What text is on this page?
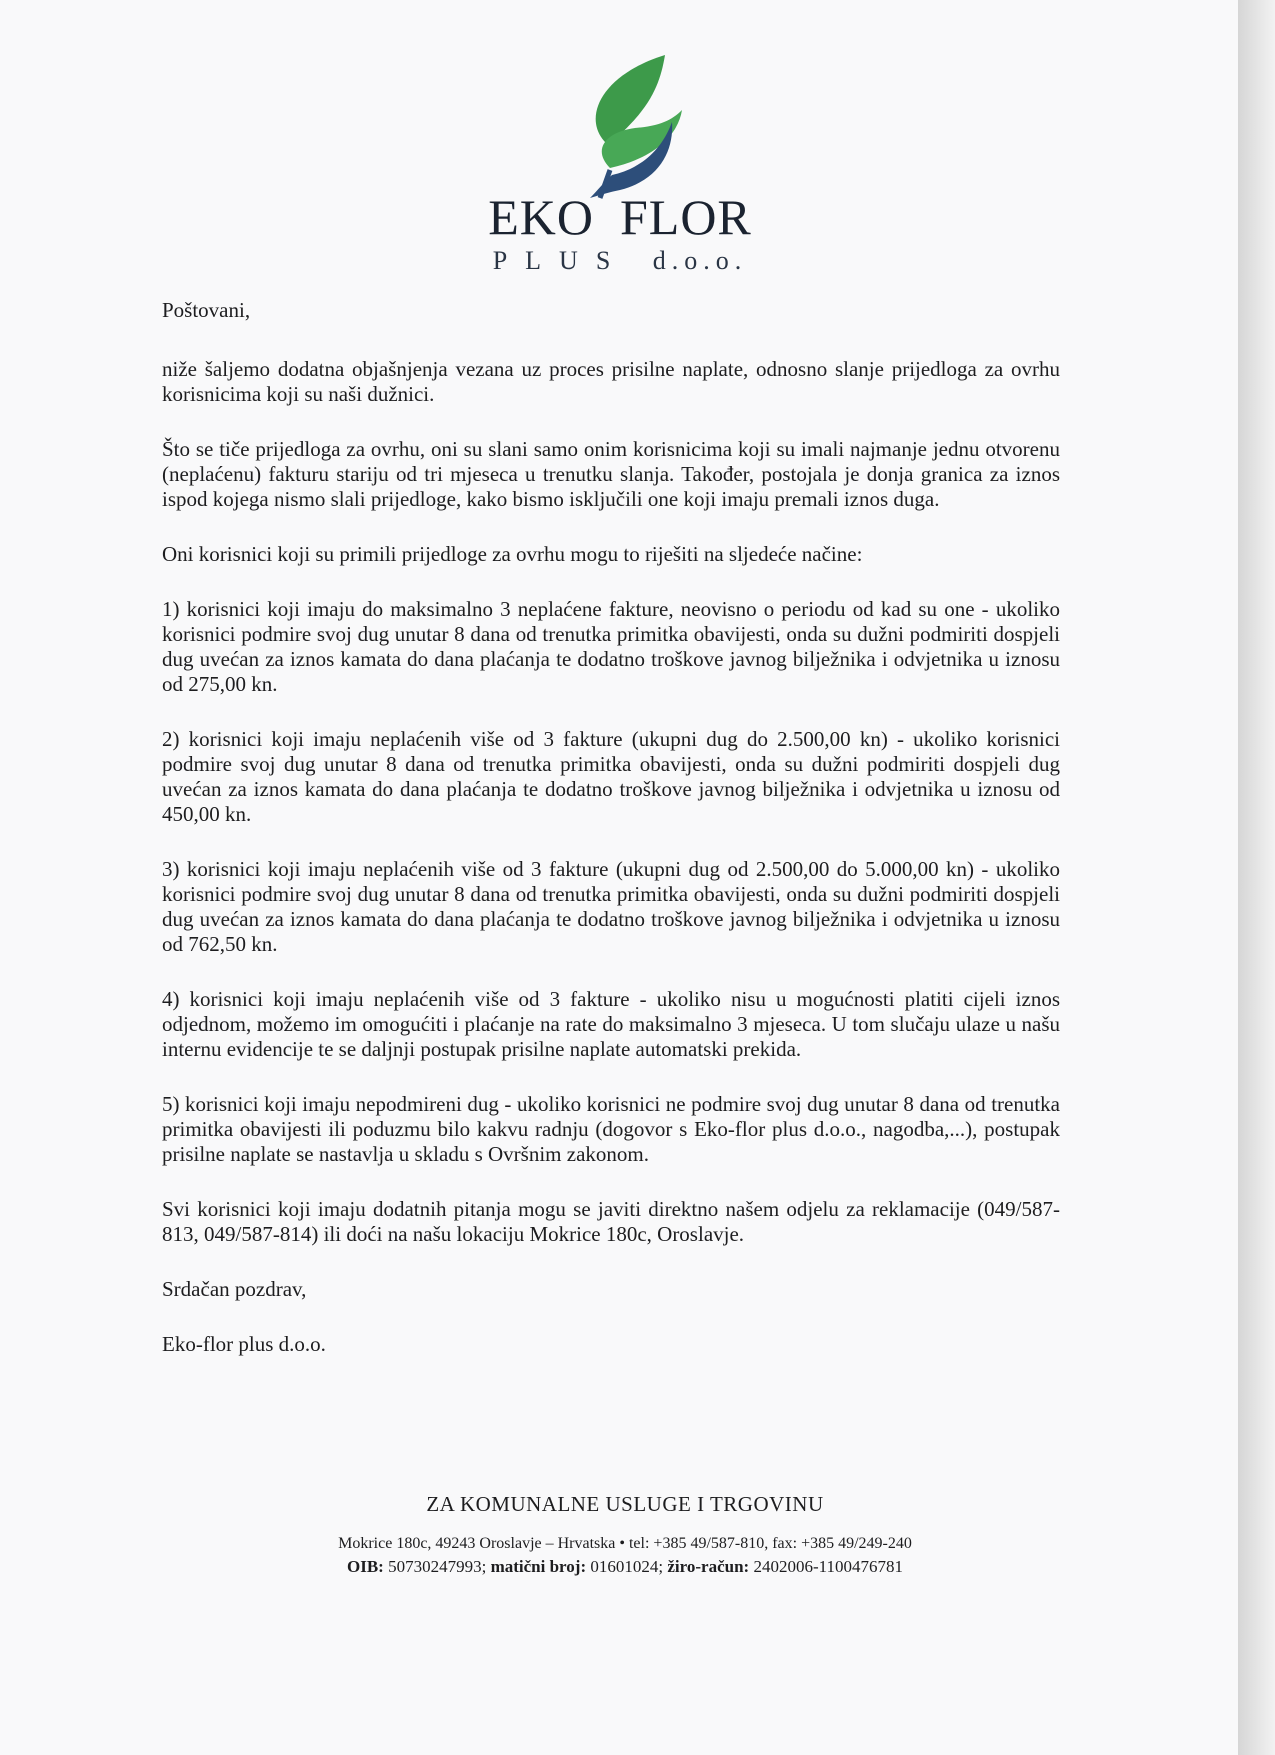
EKO FLOR
PLUS d.o.o.

Poštovani,

niže šaljemo dodatna objašnjenja vezana uz proces prisilne naplate, odnosno slanje prijedloga za ovrhu korisnicima koji su naši dužnici.

Što se tiče prijedloga za ovrhu, oni su slani samo onim korisnicima koji su imali najmanje jednu otvorenu (neplaćenu) fakturu stariju od tri mjeseca u trenutku slanja. Također, postojala je donja granica za iznos ispod kojega nismo slali prijedloge, kako bismo isključili one koji imaju premali iznos duga.

Oni korisnici koji su primili prijedloge za ovrhu mogu to riješiti na sljedeće načine:

1) korisnici koji imaju do maksimalno 3 neplaćene fakture, neovisno o periodu od kad su one - ukoliko korisnici podmire svoj dug unutar 8 dana od trenutka primitka obavijesti, onda su dužni podmiriti dospjeli dug uvećan za iznos kamata do dana plaćanja te dodatno troškove javnog bilježnika i odvjetnika u iznosu od 275,00 kn.

2) korisnici koji imaju neplaćenih više od 3 fakture (ukupni dug do 2.500,00 kn) - ukoliko korisnici podmire svoj dug unutar 8 dana od trenutka primitka obavijesti, onda su dužni podmiriti dospjeli dug uvećan za iznos kamata do dana plaćanja te dodatno troškove javnog bilježnika i odvjetnika u iznosu od 450,00 kn.

3) korisnici koji imaju neplaćenih više od 3 fakture (ukupni dug od 2.500,00 do 5.000,00 kn) - ukoliko korisnici podmire svoj dug unutar 8 dana od trenutka primitka obavijesti, onda su dužni podmiriti dospjeli dug uvećan za iznos kamata do dana plaćanja te dodatno troškove javnog bilježnika i odvjetnika u iznosu od 762,50 kn.

4) korisnici koji imaju neplaćenih više od 3 fakture - ukoliko nisu u mogućnosti platiti cijeli iznos odjednom, možemo im omogućiti i plaćanje na rate do maksimalno 3 mjeseca. U tom slučaju ulaze u našu internu evidencije te se daljnji postupak prisilne naplate automatski prekida.

5) korisnici koji imaju nepodmireni dug - ukoliko korisnici ne podmire svoj dug unutar 8 dana od trenutka primitka obavijesti ili poduzmu bilo kakvu radnju (dogovor s Eko-flor plus d.o.o., nagodba,...), postupak prisilne naplate se nastavlja u skladu s Ovršnim zakonom.

Svi korisnici koji imaju dodatnih pitanja mogu se javiti direktno našem odjelu za reklamacije (049/587-813, 049/587-814) ili doći na našu lokaciju Mokrice 180c, Oroslavje.

Srdačan pozdrav,

Eko-flor plus d.o.o.

ZA KOMUNALNE USLUGE I TRGOVINU
Mokrice 180c, 49243 Oroslavje – Hrvatska • tel: +385 49/587-810, fax: +385 49/249-240
OIB: 50730247993; matični broj: 01601024; žiro-račun: 2402006-1100476781
